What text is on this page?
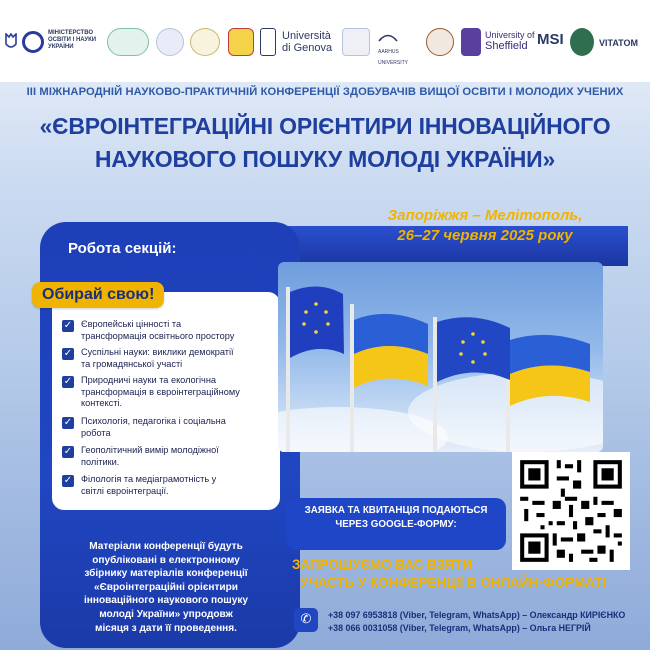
МІНІСТЕРСТВО ОСВІТИ І НАУКИ УКРАЇНИ
Università
di Genova	AARHUS UNIVERSITY
University of
Sheffield MSI	VITATOM
ІІІ МІЖНАРОДНІЙ НАУКОВО-ПРАКТИЧНІЙ КОНФЕРЕНЦІЇ ЗДОБУВАЧІВ ВИЩОЇ ОСВІТИ І МОЛОДИХ УЧЕНИХ
«ЄВРОІНТЕГРАЦІЙНІ ОРІЄНТИРИ ІННОВАЦІЙНОГО
НАУКОВОГО ПОШУКУ МОЛОДІ УКРАЇНИ»
Запоріжжя – Мелітополь,
26–27 червня 2025 року
Робота секцій:
Обирай свою!
✓ Європейські цінності та
трансформація освітнього простору
✓ Суспільні науки: виклики демократії
та громадянської участі
✓ Природничі науки та екологічна
трансформація в євроінтеграційному
контексті.
✓ Психологія, педагогіка і соціальна
робота
✓ Геополітичний вимір молодіжної
політики.
✓ Філологія та медіаграмотність у
світлі євроінтеграції.
Матеріали конференції будуть
опубліковані в електронному
збірнику матеріалів конференції
«Євроінтеграційні орієнтири
інноваційного наукового пошуку
молоді України» упродовж
місяця з дати її проведення.
ЗАЯВКА ТА КВИТАНЦІЯ ПОДАЮТЬСЯ
ЧЕРЕЗ GOOGLE-ФОРМУ:
ЗАПРОШУЄМО ВАС ВЗЯТИ
УЧАСТЬ У КОНФЕРЕНЦІЇ В ОНЛАЙН-ФОРМАТІ
✆	+38 097 6953818 (Viber, Telegram, WhatsApp) – Олександр КИРІЄНКО
+38 066 0031058 (Viber, Telegram, WhatsApp) – Ольга НЕГРІЙ
